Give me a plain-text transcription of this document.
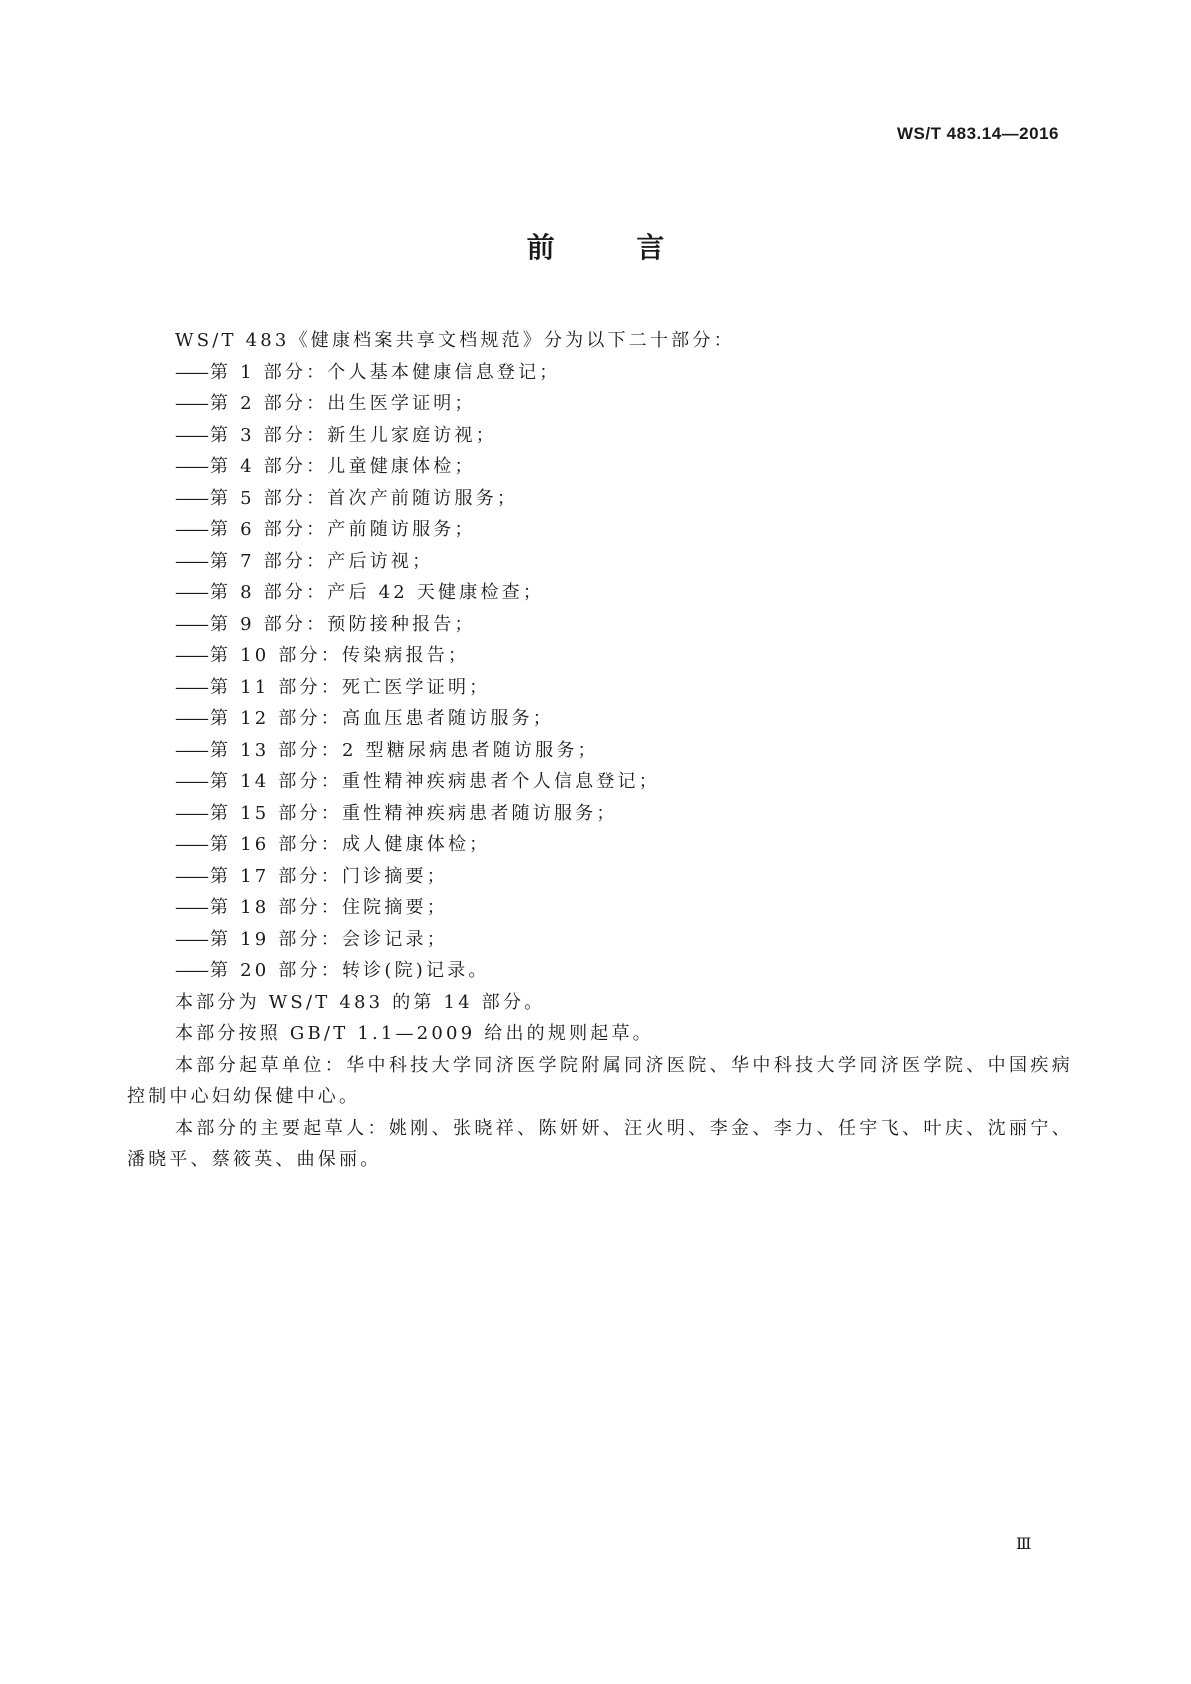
WS/T 483.14—2016
前 言

WS/T 483《健康档案共享文档规范》分为以下二十部分：

—— 第 1 部分：个人基本健康信息登记；

—— 第 2 部分：出生医学证明；

—— 第 3 部分：新生儿家庭访视；

—— 第 4 部分：儿童健康体检；

—— 第 5 部分：首次产前随访服务；

—— 第 6 部分：产前随访服务；

—— 第 7 部分：产后访视；

—— 第 8 部分：产后 42 天健康检查；

—— 第 9 部分：预防接种报告；

—— 第 10 部分：传染病报告；

—— 第 11 部分：死亡医学证明；

—— 第 12 部分：高血压患者随访服务；

—— 第 13 部分：2 型糖尿病患者随访服务；

—— 第 14 部分：重性精神疾病患者个人信息登记；

—— 第 15 部分：重性精神疾病患者随访服务；

—— 第 16 部分：成人健康体检；

—— 第 17 部分：门诊摘要；

—— 第 18 部分：住院摘要；

—— 第 19 部分：会诊记录；

—— 第 20 部分：转诊(院)记录。

本部分为 WS/T 483 的第 14 部分。

本部分按照 GB/T 1.1—2009 给出的规则起草。

本部分起草单位：华中科技大学同济医学院附属同济医院、华中科技大学同济医学院、中国疾病控制中心妇幼保健中心。

本部分的主要起草人：姚刚、张晓祥、陈妍妍、汪火明、李金、李力、任宇飞、叶庆、沈丽宁、潘晓平、蔡筱英、曲保丽。

Ⅲ
